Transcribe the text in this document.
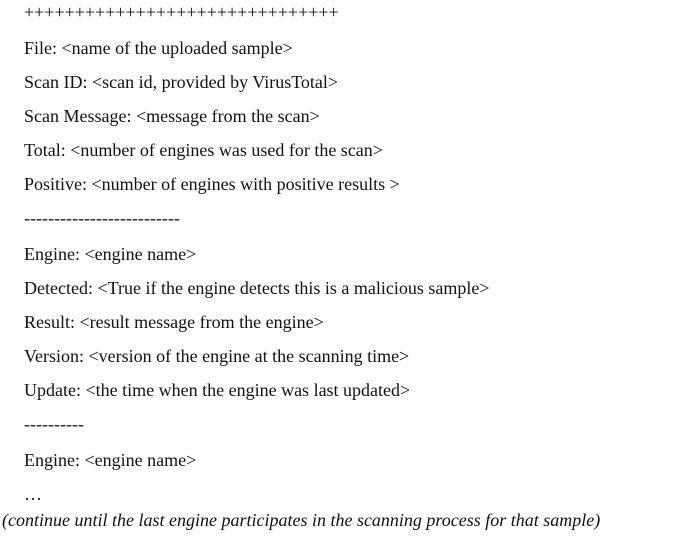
+++++++++++++++++++++++++++++++
File: <name of the uploaded sample>
Scan ID: <scan id, provided by VirusTotal>
Scan Message: <message from the scan>
Total: <number of engines was used for the scan>
Positive: <number of engines with positive results >
--------------------------
Engine: <engine name>
Detected: <True if the engine detects this is a malicious sample>
Result: <result message from the engine>
Version: <version of the engine at the scanning time>
Update: <the time when the engine was last updated>
----------
Engine: <engine name>
…
(continue until the last engine participates in the scanning process for that sample)
